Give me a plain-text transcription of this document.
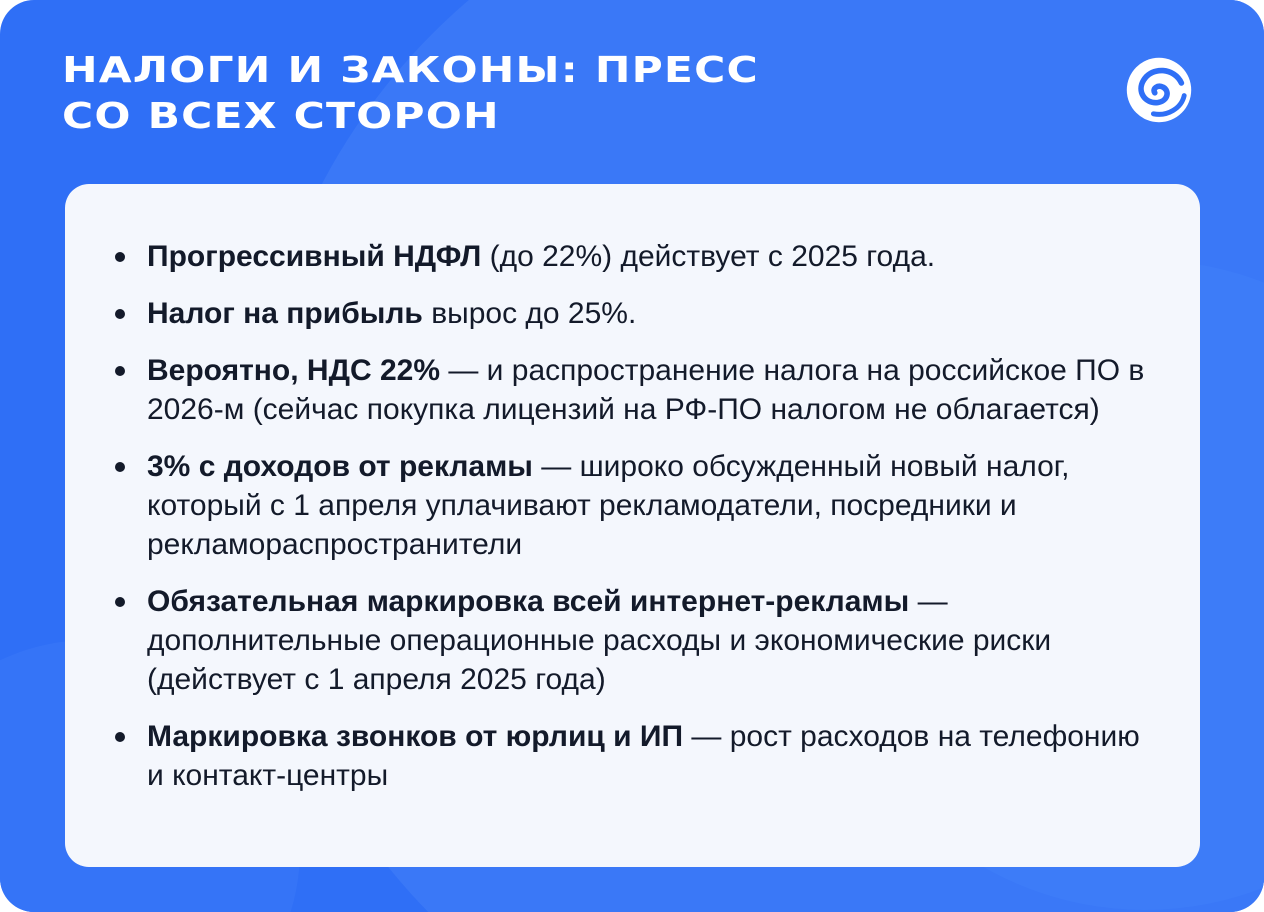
НАЛОГИ И ЗАКОНЫ: ПРЕСС
СО ВСЕХ СТОРОН
Прогрессивный НДФЛ (до 22%) действует с 2025 года.
Налог на прибыль вырос до 25%.
Вероятно, НДС 22% — и распространение налога на российское ПО в 2026-м (сейчас покупка лицензий на РФ-ПО налогом не облагается)
3% с доходов от рекламы — широко обсужденный новый налог, который с 1 апреля уплачивают рекламодатели, посредники и рекламораспространители
Обязательная маркировка всей интернет-рекламы — дополнительные операционные расходы и экономические риски (действует с 1 апреля 2025 года)
Маркировка звонков от юрлиц и ИП — рост расходов на телефонию и контакт-центры
